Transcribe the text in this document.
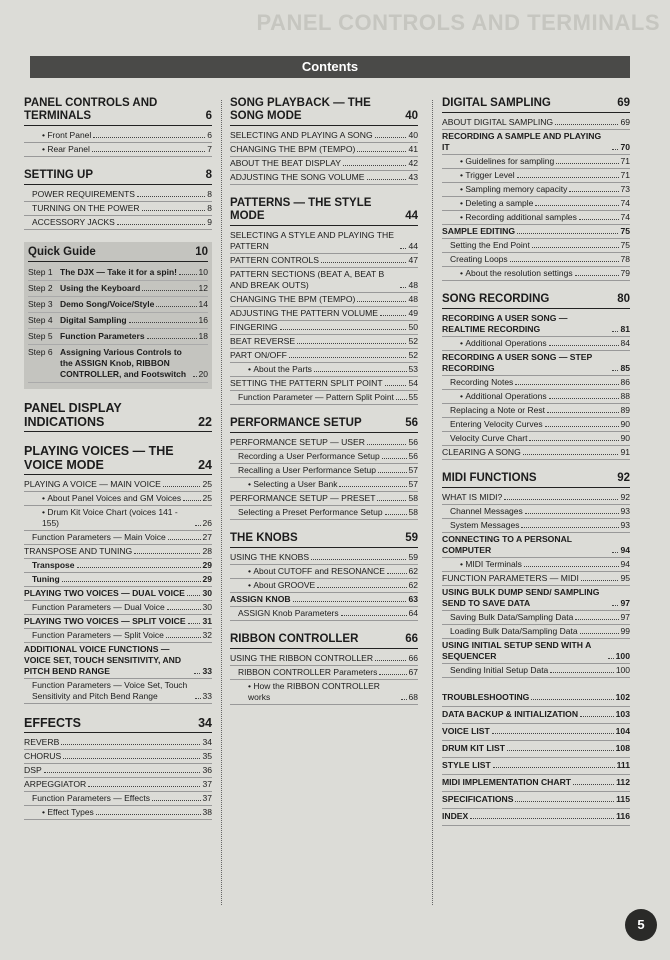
PANEL CONTROLS AND TERMINALS
Contents
PANEL CONTROLS AND TERMINALS	6
• Front Panel	6
• Rear Panel	7
SETTING UP	8
POWER REQUIREMENTS	8
TURNING ON THE POWER	8
ACCESSORY JACKS	9
Quick Guide	10
Step 1 The DJX — Take it for a spin!	10
Step 2 Using the Keyboard	12
Step 3 Demo Song/Voice/Style	14
Step 4 Digital Sampling	16
Step 5 Function Parameters	18
Step 6 Assigning Various Controls to the ASSIGN Knob, RIBBON CONTROLLER, and Footswitch	20
PANEL DISPLAY INDICATIONS	22
PLAYING VOICES — THE VOICE MODE	24
PLAYING A VOICE — MAIN VOICE	25
• About Panel Voices and GM Voices	25
• Drum Kit Voice Chart (voices 141 - 155)	26
Function Parameters — Main Voice	27
TRANSPOSE AND TUNING	28
Transpose	29
Tuning	29
PLAYING TWO VOICES — DUAL VOICE 30
Function Parameters — Dual Voice	30
PLAYING TWO VOICES — SPLIT VOICE 31
Function Parameters — Split Voice	32
ADDITIONAL VOICE FUNCTIONS — VOICE SET, TOUCH SENSITIVITY, AND PITCH BEND RANGE	33
Function Parameters — Voice Set, Touch Sensitivity and Pitch Bend Range	33
EFFECTS	34
REVERB	34
CHORUS	35
DSP	36
ARPEGGIATOR	37
Function Parameters — Effects	37
• Effect Types	38
SONG PLAYBACK — THE SONG MODE	40
SELECTING AND PLAYING A SONG	40
CHANGING THE BPM (TEMPO)	41
ABOUT THE BEAT DISPLAY	42
ADJUSTING THE SONG VOLUME	43
PATTERNS — THE STYLE MODE	44
SELECTING A STYLE AND PLAYING THE PATTERN	44
PATTERN CONTROLS	47
PATTERN SECTIONS (BEAT A, BEAT B AND BREAK OUTS)	48
CHANGING THE BPM (TEMPO)	48
ADJUSTING THE PATTERN VOLUME	49
FINGERING	50
BEAT REVERSE	52
PART ON/OFF	52
• About the Parts	53
SETTING THE PATTERN SPLIT POINT	54
Function Parameter — Pattern Split Point 55
PERFORMANCE SETUP	56
PERFORMANCE SETUP — USER	56
Recording a User Performance Setup	56
Recalling a User Performance Setup	57
• Selecting a User Bank	57
PERFORMANCE SETUP — PRESET	58
Selecting a Preset Performance Setup	58
THE KNOBS	59
USING THE KNOBS	59
• About CUTOFF and RESONANCE	62
• About GROOVE	62
ASSIGN KNOB	63
ASSIGN Knob Parameters	64
RIBBON CONTROLLER	66
USING THE RIBBON CONTROLLER	66
RIBBON CONTROLLER Parameters	67
• How the RIBBON CONTROLLER works	68
DIGITAL SAMPLING	69
ABOUT DIGITAL SAMPLING	69
RECORDING A SAMPLE AND PLAYING IT	70
• Guidelines for sampling	71
• Trigger Level	71
• Sampling memory capacity	73
• Deleting a sample	74
• Recording additional samples	74
SAMPLE EDITING	75
Setting the End Point	75
Creating Loops	78
• About the resolution settings	79
SONG RECORDING	80
RECORDING A USER SONG — REALTIME RECORDING	81
• Additional Operations	84
RECORDING A USER SONG — STEP RECORDING	85
Recording Notes	86
• Additional Operations	88
Replacing a Note or Rest	89
Entering Velocity Curves	90
Velocity Curve Chart	90
CLEARING A SONG	91
MIDI FUNCTIONS	92
WHAT IS MIDI?	92
Channel Messages	93
System Messages	93
CONNECTING TO A PERSONAL COMPUTER	94
• MIDI Terminals	94
FUNCTION PARAMETERS — MIDI	95
USING BULK DUMP SEND/ SAMPLING SEND TO SAVE DATA	97
Saving Bulk Data/Sampling Data	97
Loading Bulk Data/Sampling Data	99
USING INITIAL SETUP SEND WITH A SEQUENCER	100
Sending Initial Setup Data	100
TROUBLESHOOTING	102
DATA BACKUP & INITIALIZATION	103
VOICE LIST	104
DRUM KIT LIST	108
STYLE LIST	111
MIDI IMPLEMENTATION CHART	112
SPECIFICATIONS	115
INDEX	116
5
